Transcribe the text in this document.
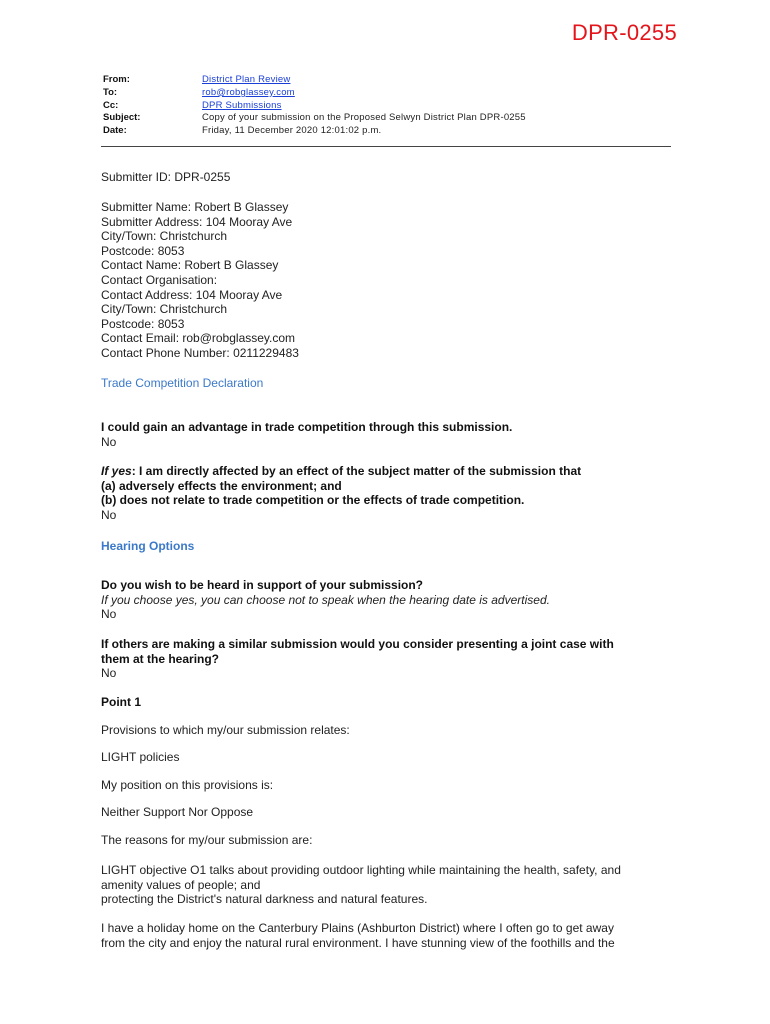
DPR-0255
From:	District Plan Review
To:	rob@robglassey.com
Cc:	DPR Submissions
Subject:	Copy of your submission on the Proposed Selwyn District Plan DPR-0255
Date:	Friday, 11 December 2020 12:01:02 p.m.

Submitter ID: DPR-0255

Submitter Name: Robert B Glassey

Submitter Address: 104 Mooray Ave

City/Town: Christchurch

Postcode: 8053

Contact Name: Robert B Glassey

Contact Organisation:

Contact Address: 104 Mooray Ave

City/Town: Christchurch

Postcode: 8053

Contact Email: rob@robglassey.com

Contact Phone Number: 0211229483

Trade Competition Declaration

I could gain an advantage in trade competition through this submission.

No

If yes: I am directly affected by an effect of the subject matter of the submission that

(a) adversely effects the environment; and

(b) does not relate to trade competition or the effects of trade competition.

No

Hearing Options

Do you wish to be heard in support of your submission?

If you choose yes, you can choose not to speak when the hearing date is advertised.

No

If others are making a similar submission would you consider presenting a joint case with

them at the hearing?

No

Point 1

Provisions to which my/our submission relates:

LIGHT policies

My position on this provisions is:

Neither Support Nor Oppose

The reasons for my/our submission are:

LIGHT objective O1 talks about providing outdoor lighting while maintaining the health, safety, and

amenity values of people; and

protecting the District's natural darkness and natural features.

I have a holiday home on the Canterbury Plains (Ashburton District) where I often go to get away

from the city and enjoy the natural rural environment. I have stunning view of the foothills and the
